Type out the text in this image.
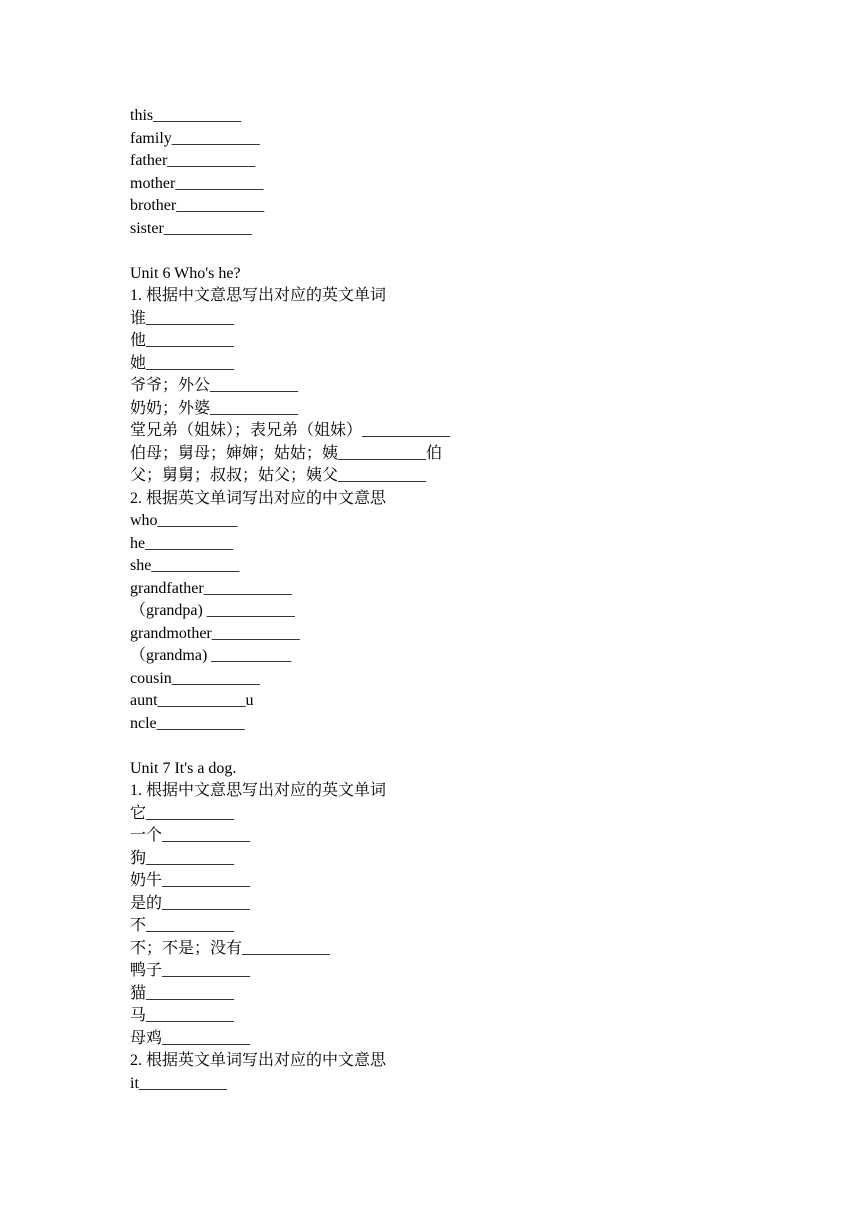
this___________
family___________
father___________
mother___________
brother___________
sister___________
Unit 6 Who's he?
1. 根据中文意思写出对应的英文单词
谁___________
他___________
她___________
爷爷；外公___________
奶奶；外婆___________
堂兄弟（姐妹）；表兄弟（姐妹）___________
伯母；舅母；婶婶；姑姑；姨___________伯
父；舅舅；叔叔；姑父；姨父___________
2. 根据英文单词写出对应的中文意思
who__________
he___________
she___________
grandfather___________
（grandpa) ___________
grandmother___________
（grandma) __________
cousin___________
aunt___________u
ncle___________
Unit 7 It's a dog.
1. 根据中文意思写出对应的英文单词
它___________
一个___________
狗___________
奶牛___________
是的___________
不___________
不；不是；没有___________
鸭子___________
猫___________
马___________
母鸡___________
2. 根据英文单词写出对应的中文意思
it___________
